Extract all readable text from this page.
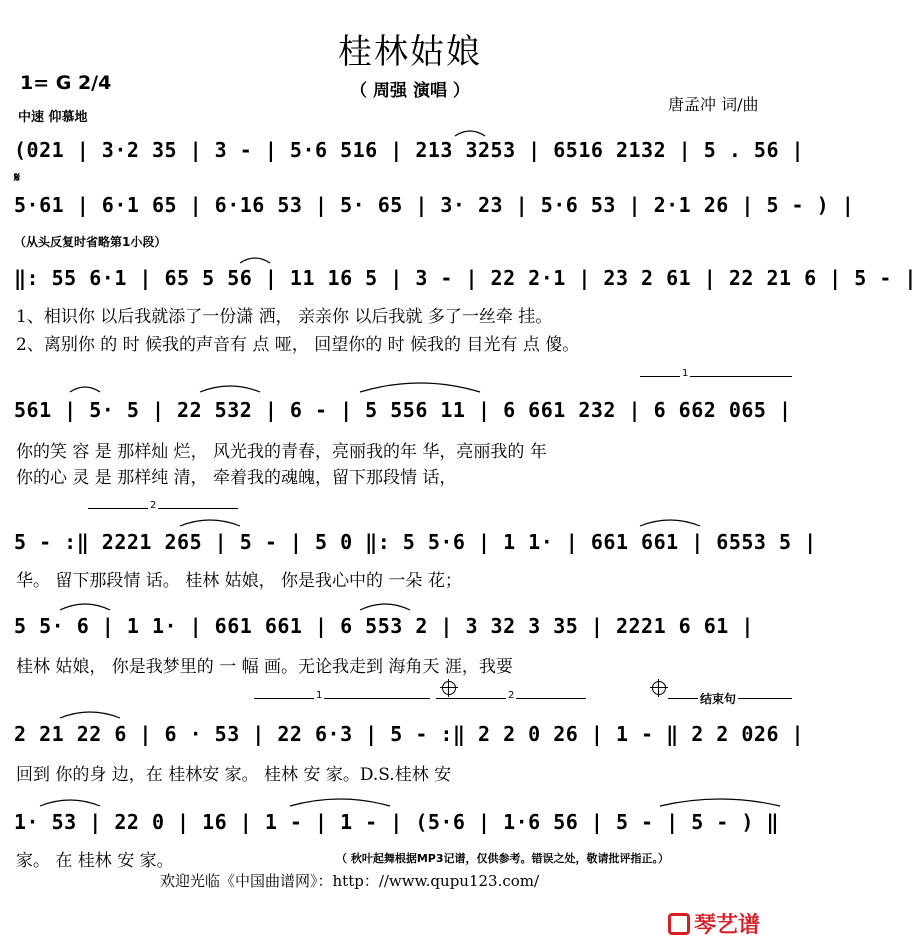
桂林姑娘
（ 周强 演唱 ）
1= G 2/4
中速 仰慕地
唐孟冲 词/曲
(021 | 3·2 35 | 3 - | 5·6 516 | 213 3253 | 6516 2132 | 5 . 56 |
𝄋
5·61 | 6·1 65 | 6·16 53 | 5· 65 | 3· 23 | 5·6 53 | 2·1 26 | 5 - ) |
（从头反复时省略第1小段）
‖: 55 6·1 | 65 5 56 | 11 16 5 | 3 - | 22 2·1 | 23 2 61 | 22 21 6 | 5 - |
1、相识你 以后我就添了一份潇 洒， 亲亲你 以后我就 多了一丝牵 挂。
2、离别你 的 时 候我的声音有 点 哑， 回望你的 时 候我的 目光有 点 傻。
1
561 | 5· 5 | 22 532 | 6 - | 5 556 11 | 6 661 232 | 6 662 065 |
你的笑 容 是 那样灿 烂， 风光我的青春，亮丽我的年 华，亮丽我的 年
你的心 灵 是 那样纯 清， 牵着我的魂魄，留下那段情 话，
2
5 - :‖ 2221 265 | 5 - | 5 0 ‖: 5 5·6 | 1 1· | 661 661 | 6553 5 |
华。 留下那段情 话。 桂林 姑娘， 你是我心中的 一朵 花；
5 5· 6 | 1 1· | 661 661 | 6 553 2 | 3 32 3 35 | 2221 6 61 |
桂林 姑娘， 你是我梦里的 一 幅 画。无论我走到 海角天 涯，我要
1	2	结束句
2 21 22 6 | 6 · 53 | 22 6·3 | 5 - :‖ 2 2 0 26 | 1 - ‖ 2 2 026 |
回到 你的身 边，在 桂林安 家。 桂林 安 家。D.S.桂林 安
1· 53 | 22 0 | 16 | 1 - | 1 - | (5·6 | 1·6 56 | 5 - | 5 - ) ‖
家。 在 桂林 安 家。	（ 秋叶起舞根据MP3记谱，仅供参考。错误之处，敬请批评指正。）
欢迎光临《中国曲谱网》：http：//www.qupu123.com/
琴艺谱
